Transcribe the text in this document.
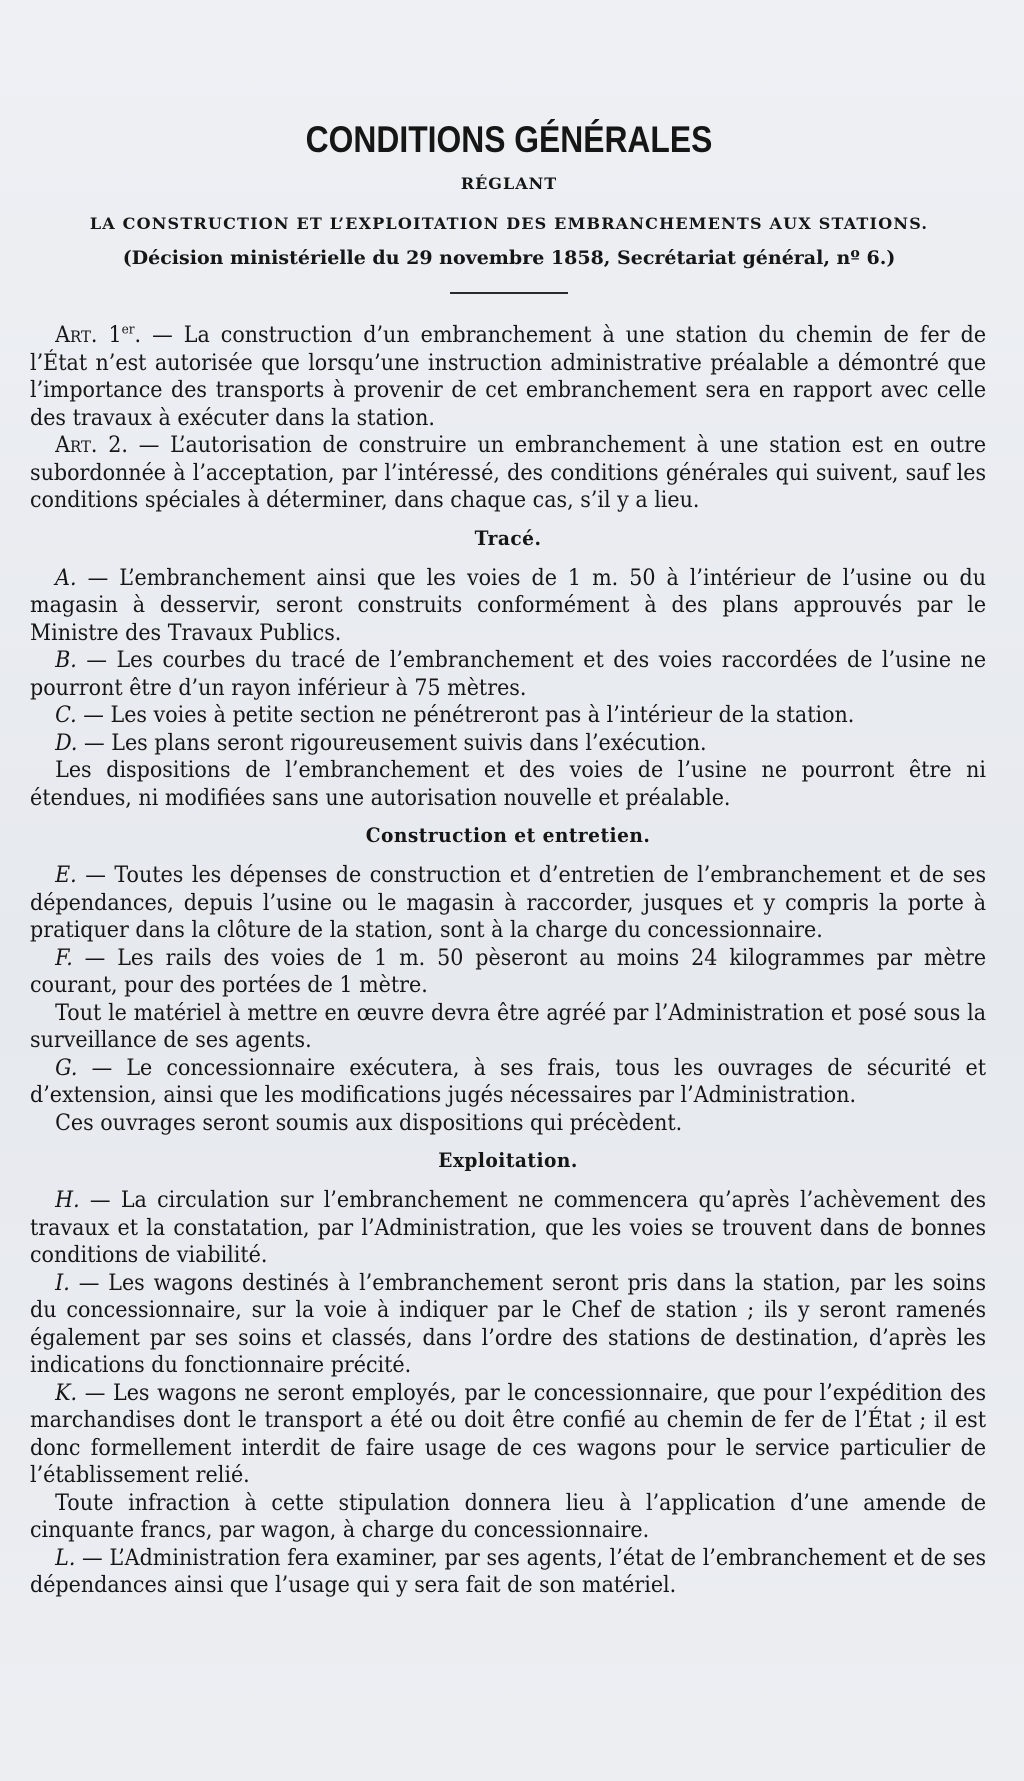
CONDITIONS GÉNÉRALES
RÉGLANT
LA CONSTRUCTION ET L’EXPLOITATION DES EMBRANCHEMENTS AUX STATIONS.
(Décision ministérielle du 29 novembre 1858, Secrétariat général, nº 6.)

Art. 1er. — La construction d’un embranchement à une station du chemin de fer de l’État n’est autorisée que lorsqu’une instruction administrative préalable a démontré que l’importance des transports à provenir de cet embranchement sera en rapport avec celle des travaux à exécuter dans la station.

Art. 2. — L’autorisation de construire un embranchement à une station est en outre subordonnée à l’acceptation, par l’intéressé, des conditions générales qui suivent, sauf les conditions spéciales à déterminer, dans chaque cas, s’il y a lieu.

Tracé.

A. — L’embranchement ainsi que les voies de 1 m. 50 à l’intérieur de l’usine ou du magasin à desservir, seront construits conformément à des plans approuvés par le Ministre des Travaux Publics.

B. — Les courbes du tracé de l’embranchement et des voies raccordées de l’usine ne pourront être d’un rayon inférieur à 75 mètres.

C. — Les voies à petite section ne pénétreront pas à l’intérieur de la station.

D. — Les plans seront rigoureusement suivis dans l’exécution.

Les dispositions de l’embranchement et des voies de l’usine ne pourront être ni étendues, ni modifiées sans une autorisation nouvelle et préalable.

Construction et entretien.

E. — Toutes les dépenses de construction et d’entretien de l’embranchement et de ses dépendances, depuis l’usine ou le magasin à raccorder, jusques et y compris la porte à pratiquer dans la clôture de la station, sont à la charge du concessionnaire.

F. — Les rails des voies de 1 m. 50 pèseront au moins 24 kilogrammes par mètre courant, pour des portées de 1 mètre.

Tout le matériel à mettre en œuvre devra être agréé par l’Administration et posé sous la surveillance de ses agents.

G. — Le concessionnaire exécutera, à ses frais, tous les ouvrages de sécurité et d’extension, ainsi que les modifications jugés nécessaires par l’Administration.

Ces ouvrages seront soumis aux dispositions qui précèdent.

Exploitation.

H. — La circulation sur l’embranchement ne commencera qu’après l’achèvement des travaux et la constatation, par l’Administration, que les voies se trouvent dans de bonnes conditions de viabilité.

I. — Les wagons destinés à l’embranchement seront pris dans la station, par les soins du concessionnaire, sur la voie à indiquer par le Chef de station ; ils y seront ramenés également par ses soins et classés, dans l’ordre des stations de destination, d’après les indications du fonctionnaire précité.

K. — Les wagons ne seront employés, par le concessionnaire, que pour l’expédition des marchandises dont le transport a été ou doit être confié au chemin de fer de l’État ; il est donc formellement interdit de faire usage de ces wagons pour le service particulier de l’établissement relié.

Toute infraction à cette stipulation donnera lieu à l’application d’une amende de cinquante francs, par wagon, à charge du concessionnaire.

L. — L’Administration fera examiner, par ses agents, l’état de l’embranchement et de ses dépendances ainsi que l’usage qui y sera fait de son matériel.
